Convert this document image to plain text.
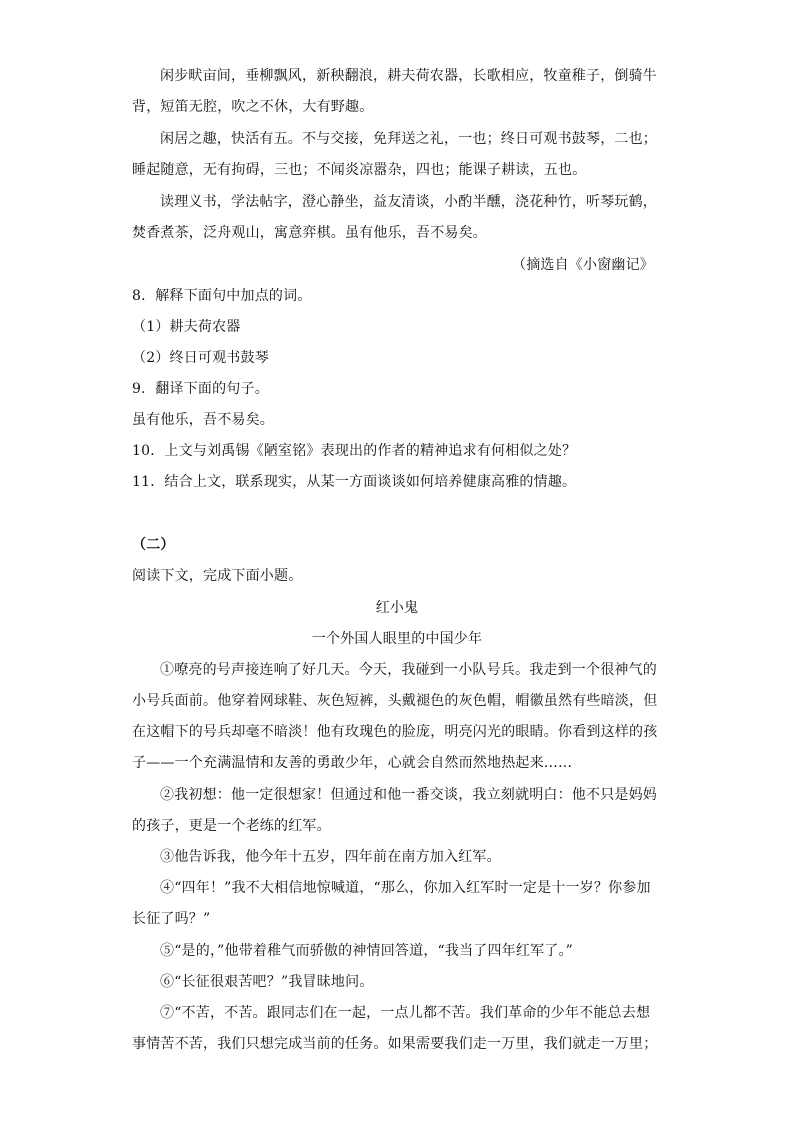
闲步畎亩间，垂柳飘风，新秧翻浪，耕夫荷农器，长歌相应，牧童稚子，倒骑牛
背，短笛无腔，吹之不休，大有野趣。
闲居之趣，快活有五。不与交接，免拜送之礼，一也；终日可观书鼓琴，二也；
睡起随意，无有拘碍，三也；不闻炎凉嚣杂，四也；能课子耕读，五也。
读理义书，学法帖字，澄心静坐，益友清谈，小酌半醺，浇花种竹，听琴玩鹤，
焚香煮茶，泛舟观山，寓意弈棋。虽有他乐，吾不易矣。
（摘选自《小窗幽记》
8．解释下面句中加点的词。
（1）耕夫荷农器
（2）终日可观书鼓琴
9．翻译下面的句子。
虽有他乐，吾不易矣。
10．上文与刘禹锡《陋室铭》表现出的作者的精神追求有何相似之处？
11．结合上文，联系现实，从某一方面谈谈如何培养健康高雅的情趣。
（二）
阅读下文，完成下面小题。
红小鬼
一个外国人眼里的中国少年
①嘹亮的号声接连响了好几天。今天，我碰到一小队号兵。我走到一个很神气的
小号兵面前。他穿着网球鞋、灰色短裤，头戴褪色的灰色帽，帽徽虽然有些暗淡，但
在这帽下的号兵却毫不暗淡！他有玫瑰色的脸庞，明亮闪光的眼睛。你看到这样的孩
子——一个充满温情和友善的勇敢少年，心就会自然而然地热起来……
②我初想：他一定很想家！但通过和他一番交谈，我立刻就明白：他不只是妈妈
的孩子，更是一个老练的红军。
③他告诉我，他今年十五岁，四年前在南方加入红军。
④“四年！”我不大相信地惊喊道，“那么，你加入红军时一定是十一岁？你参加
长征了吗？”
⑤“是的，”他带着稚气而骄傲的神情回答道，“我当了四年红军了。”
⑥“长征很艰苦吧？”我冒昧地问。
⑦“不苦，不苦。跟同志们在一起，一点儿都不苦。我们革命的少年不能总去想
事情苦不苦，我们只想完成当前的任务。如果需要我们走一万里，我们就走一万里；
